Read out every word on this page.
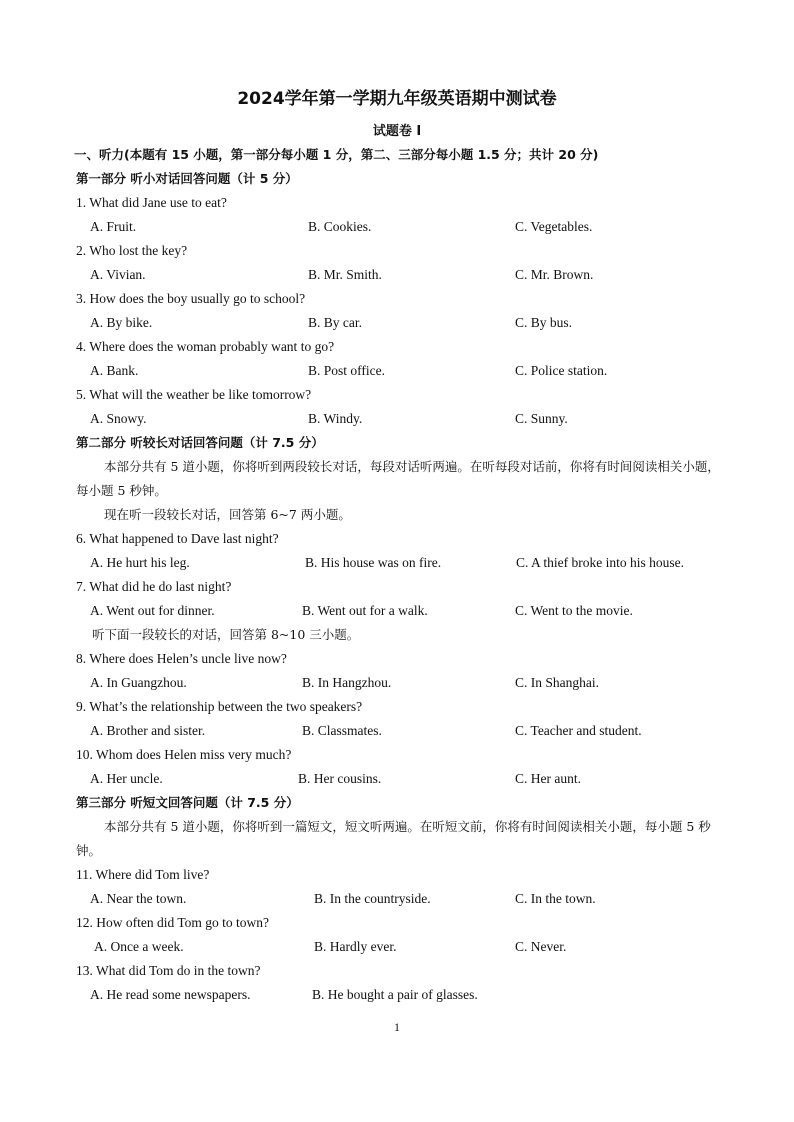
2024学年第一学期九年级英语期中测试卷
试题卷 I
一、听力(本题有 15 小题，第一部分每小题 1 分，第二、三部分每小题 1.5 分；共计 20 分)
第一部分 听小对话回答问题（计 5 分）
1. What did Jane use to eat?
A. Fruit.	B. Cookies.	C. Vegetables.
2. Who lost the key?
A. Vivian.	B. Mr. Smith.	C. Mr. Brown.
3. How does the boy usually go to school?
A. By bike.	B. By car.	C. By bus.
4. Where does the woman probably want to go?
A. Bank.	B. Post office.	C. Police station.
5. What will the weather be like tomorrow?
A. Snowy.	B. Windy.	C. Sunny.
第二部分 听较长对话回答问题（计 7.5 分）
本部分共有 5 道小题，你将听到两段较长对话，每段对话听两遍。在听每段对话前，你将有时间阅读相关小题，每小题 5 秒钟。
现在听一段较长对话，回答第 6~7 两小题。
6. What happened to Dave last night?
A. He hurt his leg.	B. His house was on fire.	C. A thief broke into his house.
7. What did he do last night?
A. Went out for dinner.	B. Went out for a walk.	C. Went to the movie.
听下面一段较长的对话，回答第 8~10 三小题。
8. Where does Helen’s uncle live now?
A. In Guangzhou.	B. In Hangzhou.	C. In Shanghai.
9. What’s the relationship between the two speakers?
A. Brother and sister.	B. Classmates.	C. Teacher and student.
10. Whom does Helen miss very much?
A. Her uncle.	B. Her cousins.	C. Her aunt.
第三部分 听短文回答问题（计 7.5 分）
本部分共有 5 道小题，你将听到一篇短文，短文听两遍。在听短文前，你将有时间阅读相关小题，每小题 5 秒钟。
11. Where did Tom live?
A. Near the town.	B. In the countryside.	C. In the town.
12. How often did Tom go to town?
A. Once a week.	B. Hardly ever.	C. Never.
13. What did Tom do in the town?
A. He read some newspapers.	B. He bought a pair of glasses.
1
